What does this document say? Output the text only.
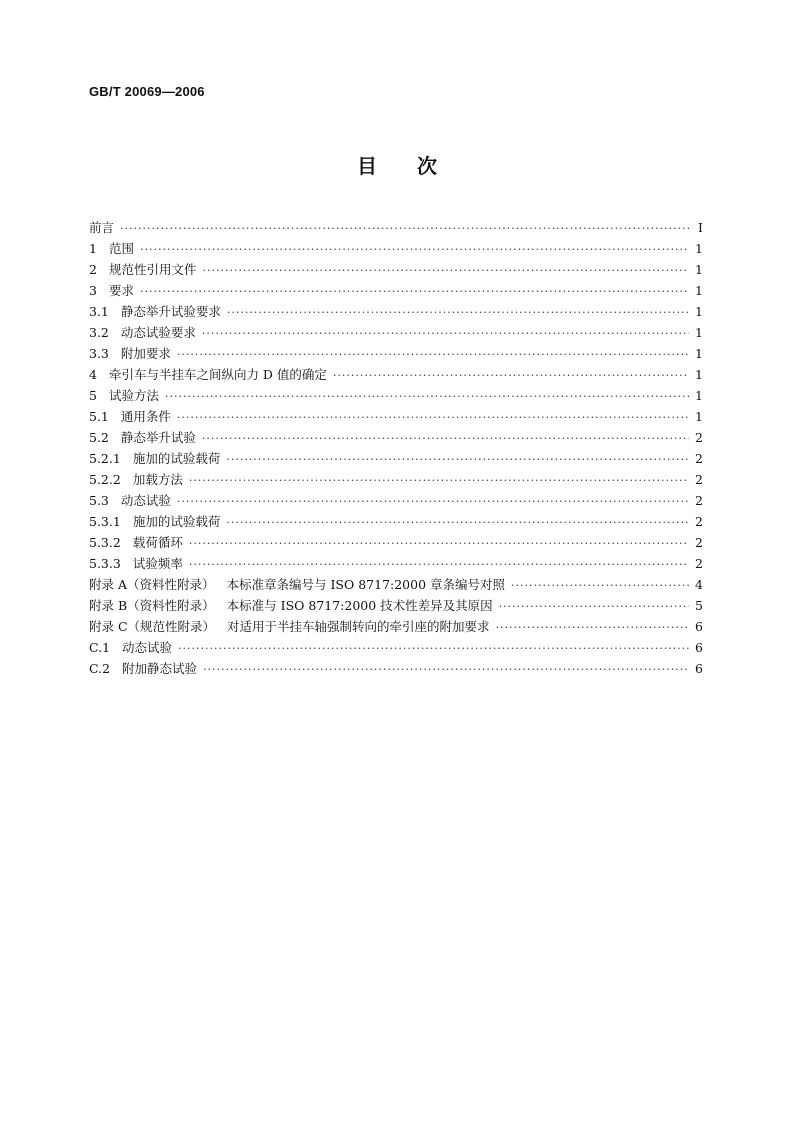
GB/T 20069—2006
目次
前言 ·····	I
1 范围 ·····	1
2 规范性引用文件 ·····	1
3 要求 ·····	1
3.1 静态举升试验要求 ·····	1
3.2 动态试验要求 ·····	1
3.3 附加要求 ·····	1
4 牵引车与半挂车之间纵向力 D 值的确定 ·····	1
5 试验方法 ·····	1
5.1 通用条件 ·····	1
5.2 静态举升试验 ·····	2
5.2.1 施加的试验载荷 ·····	2
5.2.2 加载方法 ·····	2
5.3 动态试验 ·····	2
5.3.1 施加的试验载荷 ·····	2
5.3.2 载荷循环 ·····	2
5.3.3 试验频率 ·····	2
附录 A（资料性附录） 本标准章条编号与 ISO 8717:2000 章条编号对照 ·····	4
附录 B（资料性附录） 本标准与 ISO 8717:2000 技术性差异及其原因 ·····	5
附录 C（规范性附录） 对适用于半挂车轴强制转向的牵引座的附加要求 ·····	6
C.1 动态试验 ·····	6
C.2 附加静态试验 ·····	6
